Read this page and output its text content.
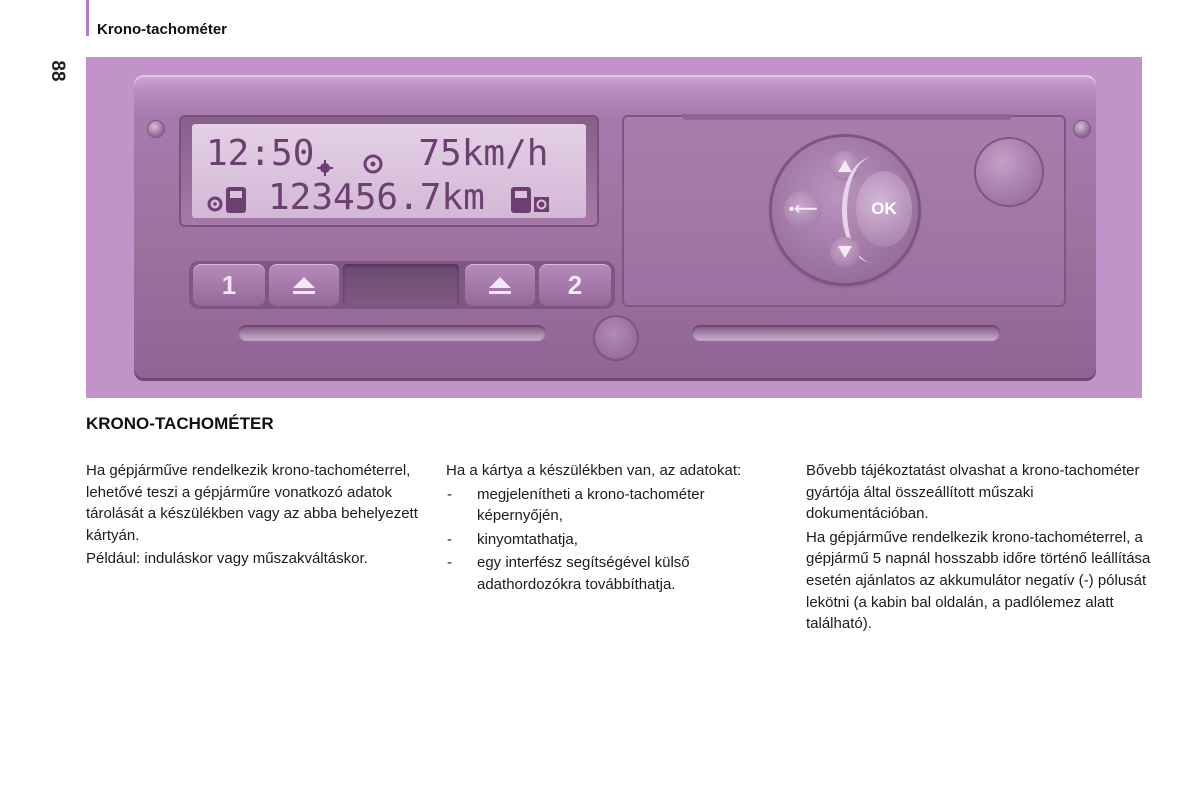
Krono-tachométer
88
12:50	75km/h
123456.7km
1	2
•⟵	OK
KRONO-TACHOMÉTER

Ha gépjárműve rendelkezik krono-tachométerrel, lehetővé teszi a gépjárműre vonatkozó adatok tárolását a készülékben vagy az abba behelyezett kártyán.

Például: induláskor vagy műszakváltáskor.

Ha a kártya a készülékben van, az adatokat:

- megjelenítheti a krono-tachométer képernyőjén,
- kinyomtathatja,
- egy interfész segítségével külső adathordozókra továbbíthatja.

Bővebb tájékoztatást olvashat a krono-tachométer gyártója által összeállított műszaki dokumentációban.

Ha gépjárműve rendelkezik krono-tachométerrel, a gépjármű 5 napnál hosszabb időre történő leállítása esetén ajánlatos az akkumulátor negatív (-) pólusát lekötni (a kabin bal oldalán, a padlólemez alatt található).
